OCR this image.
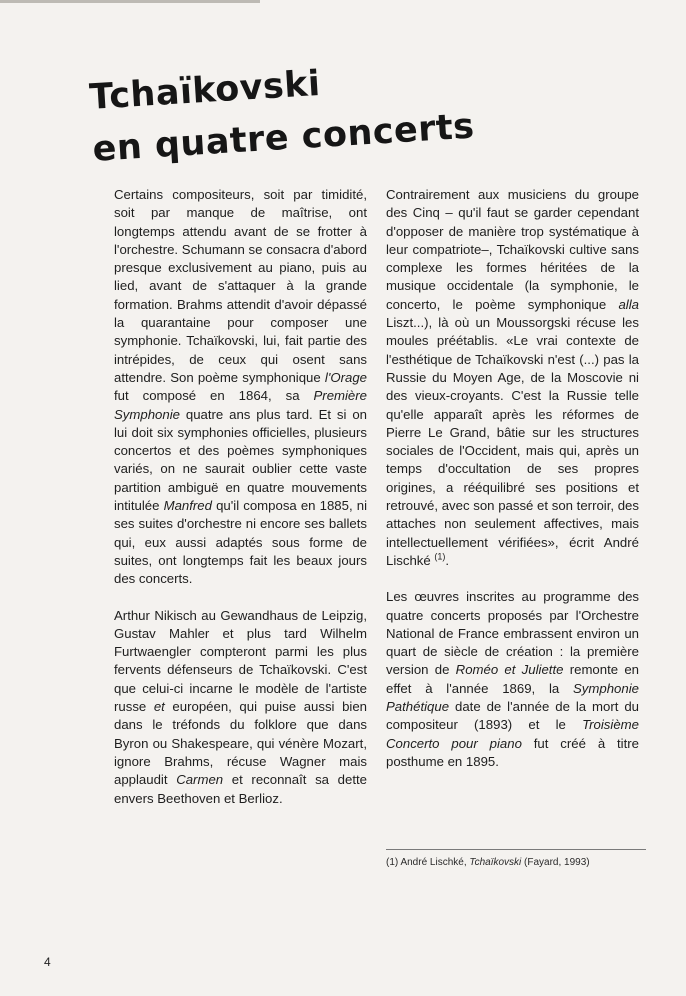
Tchaïkovski
en quatre concerts

Certains compositeurs, soit par timidité, soit par manque de maîtrise, ont longtemps attendu avant de se frotter à l'orchestre. Schumann se consacra d'abord presque exclusivement au piano, puis au lied, avant de s'attaquer à la grande formation. Brahms attendit d'avoir dépassé la quarantaine pour composer une symphonie. Tchaïkovski, lui, fait partie des intrépides, de ceux qui osent sans attendre. Son poème symphonique l'Orage fut composé en 1864, sa Première Symphonie quatre ans plus tard. Et si on lui doit six symphonies officielles, plusieurs concertos et des poèmes symphoniques variés, on ne saurait oublier cette vaste partition ambiguë en quatre mouvements intitulée Manfred qu'il composa en 1885, ni ses suites d'orchestre ni encore ses ballets qui, eux aussi adaptés sous forme de suites, ont longtemps fait les beaux jours des concerts.

Arthur Nikisch au Gewandhaus de Leipzig, Gustav Mahler et plus tard Wilhelm Furtwaengler compteront parmi les plus fervents défenseurs de Tchaïkovski. C'est que celui-ci incarne le modèle de l'artiste russe et européen, qui puise aussi bien dans le tréfonds du folklore que dans Byron ou Shakespeare, qui vénère Mozart, ignore Brahms, récuse Wagner mais applaudit Carmen et reconnaît sa dette envers Beethoven et Berlioz.

Contrairement aux musiciens du groupe des Cinq – qu'il faut se garder cependant d'opposer de manière trop systématique à leur compatriote–, Tchaïkovski cultive sans complexe les formes héritées de la musique occidentale (la symphonie, le concerto, le poème symphonique alla Liszt...), là où un Moussorgski récuse les moules préétablis. «Le vrai contexte de l'esthétique de Tchaïkovski n'est (...) pas la Russie du Moyen Age, de la Moscovie ni des vieux-croyants. C'est la Russie telle qu'elle apparaît après les réformes de Pierre Le Grand, bâtie sur les structures sociales de l'Occident, mais qui, après un temps d'occultation de ses propres origines, a rééquilibré ses positions et retrouvé, avec son passé et son terroir, des attaches non seulement affectives, mais intellectuellement vérifiées», écrit André Lischké $^{(1)}$.

Les œuvres inscrites au programme des quatre concerts proposés par l'Orchestre National de France embrassent environ un quart de siècle de création : la première version de Roméo et Juliette remonte en effet à l'année 1869, la Symphonie Pathétique date de l'année de la mort du compositeur (1893) et le Troisième Concerto pour piano fut créé à titre posthume en 1895.

(1) André Lischké, Tchaïkovski (Fayard, 1993)
4
